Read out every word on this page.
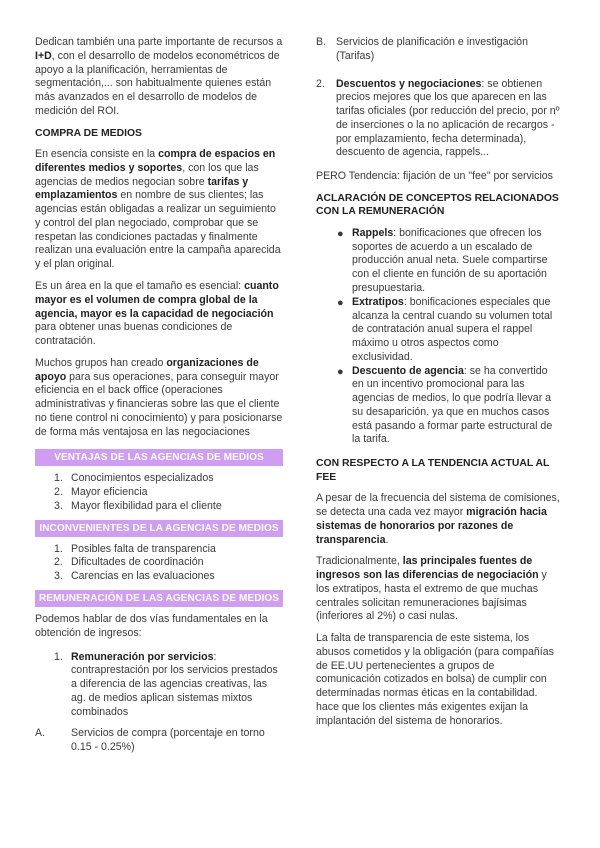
Dedican también una parte importante de recursos a I+D, con el desarrollo de modelos econométricos de apoyo a la planificación, herramientas de segmentación,... son habitualmente quienes están más avanzados en el desarrollo de modelos de medición del ROI.

COMPRA DE MEDIOS

En esencia consiste en la compra de espacios en diferentes medios y soportes, con los que las agencias de medios negocian sobre tarifas y emplazamientos en nombre de sus clientes; las agencias están obligadas a realizar un seguimiento y control del plan negociado, comprobar que se respetan las condiciones pactadas y finalmente realizan una evaluación entre la campaña aparecida y el plan original.

Es un área en la que el tamaño es esencial: cuanto mayor es el volumen de compra global de la agencia, mayor es la capacidad de negociación para obtener unas buenas condiciones de contratación.

Muchos grupos han creado organizaciones de apoyo para sus operaciones, para conseguir mayor eficiencia en el back office (operaciones administrativas y financieras sobre las que el cliente no tiene control ni conocimiento) y para posicionarse de forma más ventajosa en las negociaciones

VENTAJAS DE LAS AGENCIAS DE MEDIOS
1. Conocimientos especializados
2. Mayor eficiencia
3. Mayor flexibilidad para el cliente
INCONVENIENTES DE LA AGENCIAS DE MEDIOS
1. Posibles falta de transparencia
2. Dificultades de coordinación
3. Carencias en las evaluaciones
REMUNERACIÓN DE LAS AGENCIAS DE MEDIOS

Podemos hablar de dos vías fundamentales en la obtención de ingresos:

1. Remuneración por servicios: contraprestación por los servicios prestados a diferencia de las agencias creativas, las ag. de medios aplican sistemas mixtos combinados
A.	Servicios de compra (porcentaje en torno 0.15 - 0.25%)
B. Servicios de planificación e investigación (Tarifas)
2.	Descuentos y negociaciones: se obtienen precios mejores que los que aparecen en las tarifas oficiales (por reducción del precio, por nº de inserciones o la no aplicación de recargos -por emplazamiento, fecha determinada), descuento de agencia, rappels...

PERO Tendencia: fijación de un "fee" por servicios

ACLARACIÓN DE CONCEPTOS RELACIONADOS CON LA REMUNERACIÓN
● Rappels: bonificaciones que ofrecen los soportes de acuerdo a un escalado de producción anual neta. Suele compartirse con el cliente en función de su aportación presupuestaria.
● Extratipos: bonificaciones especiales que alcanza la central cuando su volumen total de contratación anual supera el rappel máximo u otros aspectos como exclusividad.
● Descuento de agencia: se ha convertido en un incentivo promocional para las agencias de medios, lo que podría llevar a su desaparición. ya que en muchos casos está pasando a formar parte estructural de la tarifa.
CON RESPECTO A LA TENDENCIA ACTUAL AL FEE

A pesar de la frecuencia del sistema de comisiones, se detecta una cada vez mayor migración hacia sistemas de honorarios por razones de transparencia.

Tradicionalmente, las principales fuentes de ingresos son las diferencias de negociación y los extratipos, hasta el extremo de que muchas centrales solicitan remuneraciones bajísimas (inferiores al 2%) o casi nulas.

La falta de transparencia de este sistema, los abusos cometidos y la obligación (para compañías de EE.UU pertenecientes a grupos de comunicación cotizados en bolsa) de cumplir con determinadas normas éticas en la contabilidad. hace que los clientes más exigentes exijan la implantación del sistema de honorarios.
